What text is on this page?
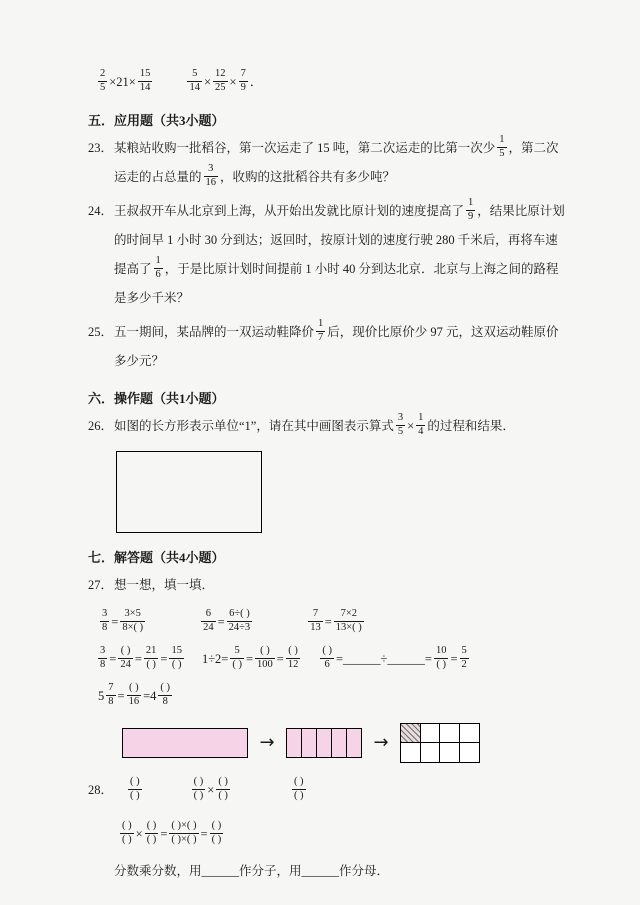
$\frac{2}{5} \times 21\times \frac{15}{14}$
	$\frac{5}{14} \times \frac{12}{25} \times \frac{7}{9}$ ．
五．应用题（共3小题）
23． 某粮站收购一批稻谷，第一次运走了 15 吨，第二次运走的比第一次少 $\frac{1}{5}$ ，第二次运走的占总量的 $\frac{3}{16}$ ，收购的这批稻谷共有多少吨？
24． 王叔叔开车从北京到上海，从开始出发就比原计划的速度提高了 $\frac{1}{9}$ ，结果比原计划的时间早 1 小时 30 分到达；返回时，按原计划的速度行驶 280 千米后，再将车速提高了 $\frac{1}{6}$ ，于是比原计划时间提前 1 小时 40 分到达北京．北京与上海之间的路程是多少千米？
25． 五一期间，某品牌的一双运动鞋降价 $\frac{1}{7}$ 后，现价比原价少 97 元，这双运动鞋原价多少元？
六．操作题（共1小题）
26． 如图的长方形表示单位“1”，请在其中画图表示算式 $\frac{3}{5} \times \frac{1}{4}$ 的过程和结果．
七．解答题（共4小题）
27． 想一想，填一填．
$\frac{3}{8} = \frac{3\times 5}{8\times( )}$	$\frac{6}{24} = \frac{6\div( )}{24\div 3}$	$\frac{7}{13} = \frac{7\times 2}{13\times( )}$
$\frac{3}{8} = \frac{( )}{24} = \frac{21}{( )} = \frac{15}{( )} 1\div 2= \frac{5}{( )} = \frac{( )}{100} = \frac{( )}{12} \frac{( )}{6}$ =______÷______= $\frac{10}{( )} = \frac{5}{2}$
$5 \frac{7}{8} = \frac{( )}{16} =4 \frac{( )}{8}$
→	→
28． $\frac{( )}{( )}$	$\frac{( )}{( )} \times \frac{( )}{( )}$	$\frac{( )}{( )}$
$\frac{( )}{( )} \times \frac{( )}{( )} = \frac{( )\times( )}{( )\times( )} = \frac{( )}{( )}$
分数乘分数，用______作分子，用______作分母．
